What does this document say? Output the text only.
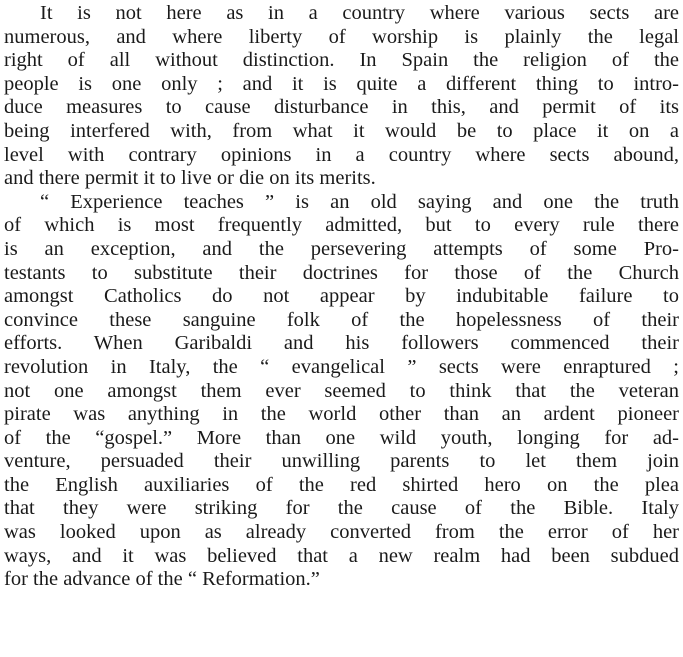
It is not here as in a country where various sects are
numerous, and where liberty of worship is plainly the legal
right of all without distinction. In Spain the religion of the
people is one only ; and it is quite a different thing to intro-
duce measures to cause disturbance in this, and permit of its
being interfered with, from what it would be to place it on a
level with contrary opinions in a country where sects abound,
and there permit it to live or die on its merits.
“ Experience teaches ” is an old saying and one the truth
of which is most frequently admitted, but to every rule there
is an exception, and the persevering attempts of some Pro-
testants to substitute their doctrines for those of the Church
amongst Catholics do not appear by indubitable failure to
convince these sanguine folk of the hopelessness of their
efforts. When Garibaldi and his followers commenced their
revolution in Italy, the “ evangelical ” sects were enraptured ;
not one amongst them ever seemed to think that the veteran
pirate was anything in the world other than an ardent pioneer
of the “gospel.” More than one wild youth, longing for ad-
venture, persuaded their unwilling parents to let them join
the English auxiliaries of the red shirted hero on the plea
that they were striking for the cause of the Bible. Italy
was looked upon as already converted from the error of her
ways, and it was believed that a new realm had been subdued
for the advance of the “ Reformation.”
